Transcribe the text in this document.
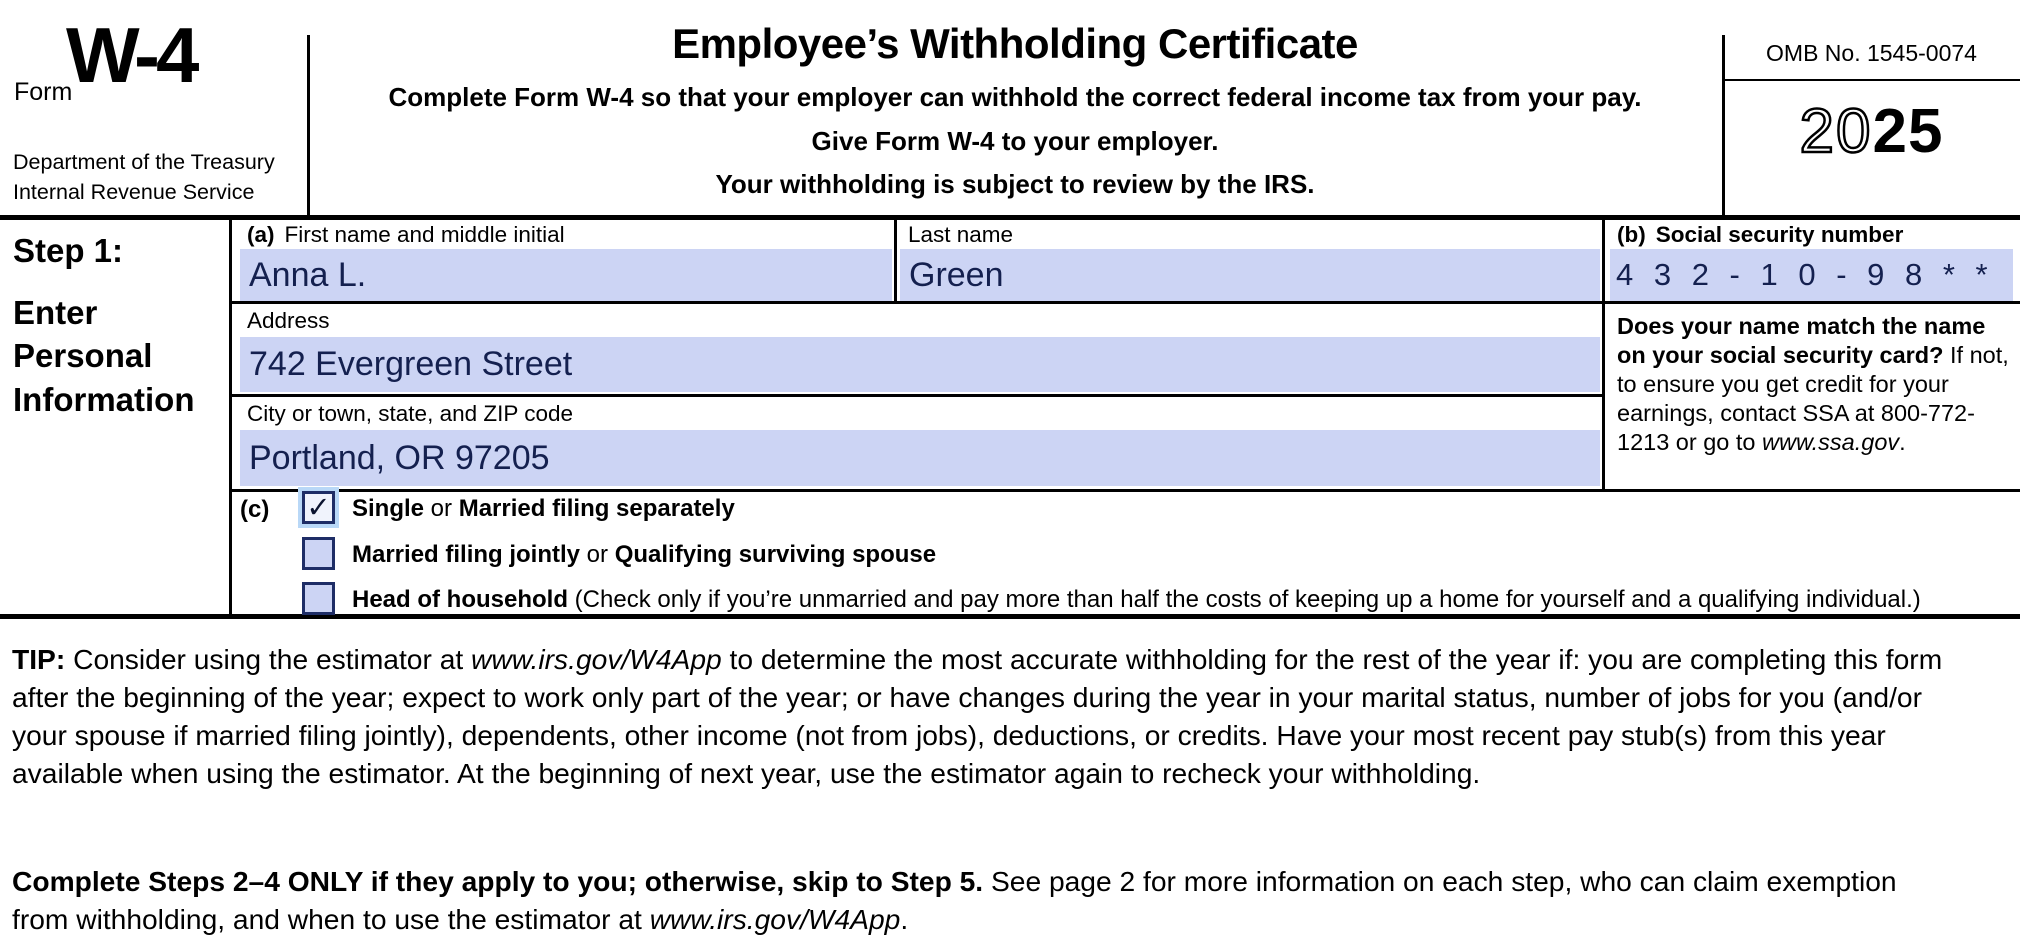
Form
W-4
Department of the Treasury
Internal Revenue Service
Employee’s Withholding Certificate
Complete Form W-4 so that your employer can withhold the correct federal income tax from your pay.
Give Form W-4 to your employer.
Your withholding is subject to review by the IRS.
OMB No. 1545-0074
2025
Step 1:
Enter
Personal
Information
(a) First name and middle initial	Last name	(b) Social security number
Anna L.	Green	4 3 2 - 1 0 - 9 8 * *
Address
742 Evergreen Street
City or town, state, and ZIP code
Portland, OR 97205
Does your name match the name on your social security card? If not, to ensure you get credit for your earnings, contact SSA at 800-772-1213 or go to www.ssa.gov.
(c) ✓ Single or Married filing separately
Married filing jointly or Qualifying surviving spouse
Head of household (Check only if you’re unmarried and pay more than half the costs of keeping up a home for yourself and a qualifying individual.)
TIP: Consider using the estimator at www.irs.gov/W4App to determine the most accurate withholding for the rest of the year if: you are completing this form after the beginning of the year; expect to work only part of the year; or have changes during the year in your marital status, number of jobs for you (and/or your spouse if married filing jointly), dependents, other income (not from jobs), deductions, or credits. Have your most recent pay stub(s) from this year available when using the estimator. At the beginning of next year, use the estimator again to recheck your withholding.
Complete Steps 2–4 ONLY if they apply to you; otherwise, skip to Step 5. See page 2 for more information on each step, who can claim exemption from withholding, and when to use the estimator at www.irs.gov/W4App.
